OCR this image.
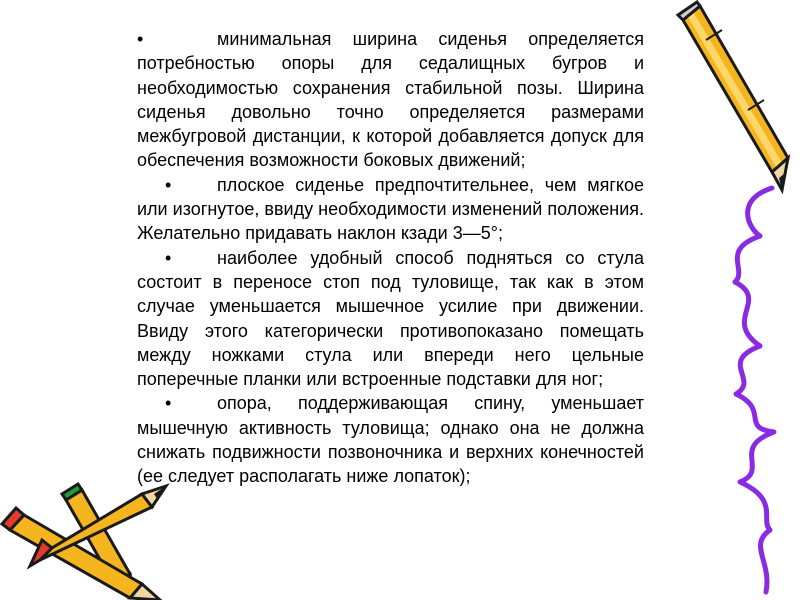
•	минимальная ширина сиденья определяется потребностью опоры для седалищных бугров и необходимостью сохранения стабильной позы. Ширина сиденья довольно точно определяется размерами межбугровой дистанции, к которой добавляется допуск для обеспечения возможности боковых движений;

•	плоское сиденье предпочтительнее, чем мягкое или изогнутое, ввиду необходимости изменений положения. Желательно придавать наклон кзади 3—5°;

•	наиболее удобный способ подняться со стула состоит в переносе стоп под туловище, так как в этом случае уменьшается мышечное усилие при движении. Ввиду этого категорически противопоказано помещать между ножками стула или впереди него цельные поперечные планки или встроенные подставки для ног;

•	опора, поддерживающая спину, уменьшает мышечную активность туловища; однако она не должна снижать подвижности позвоночника и верхних конечностей (ее следует располагать ниже лопаток);
